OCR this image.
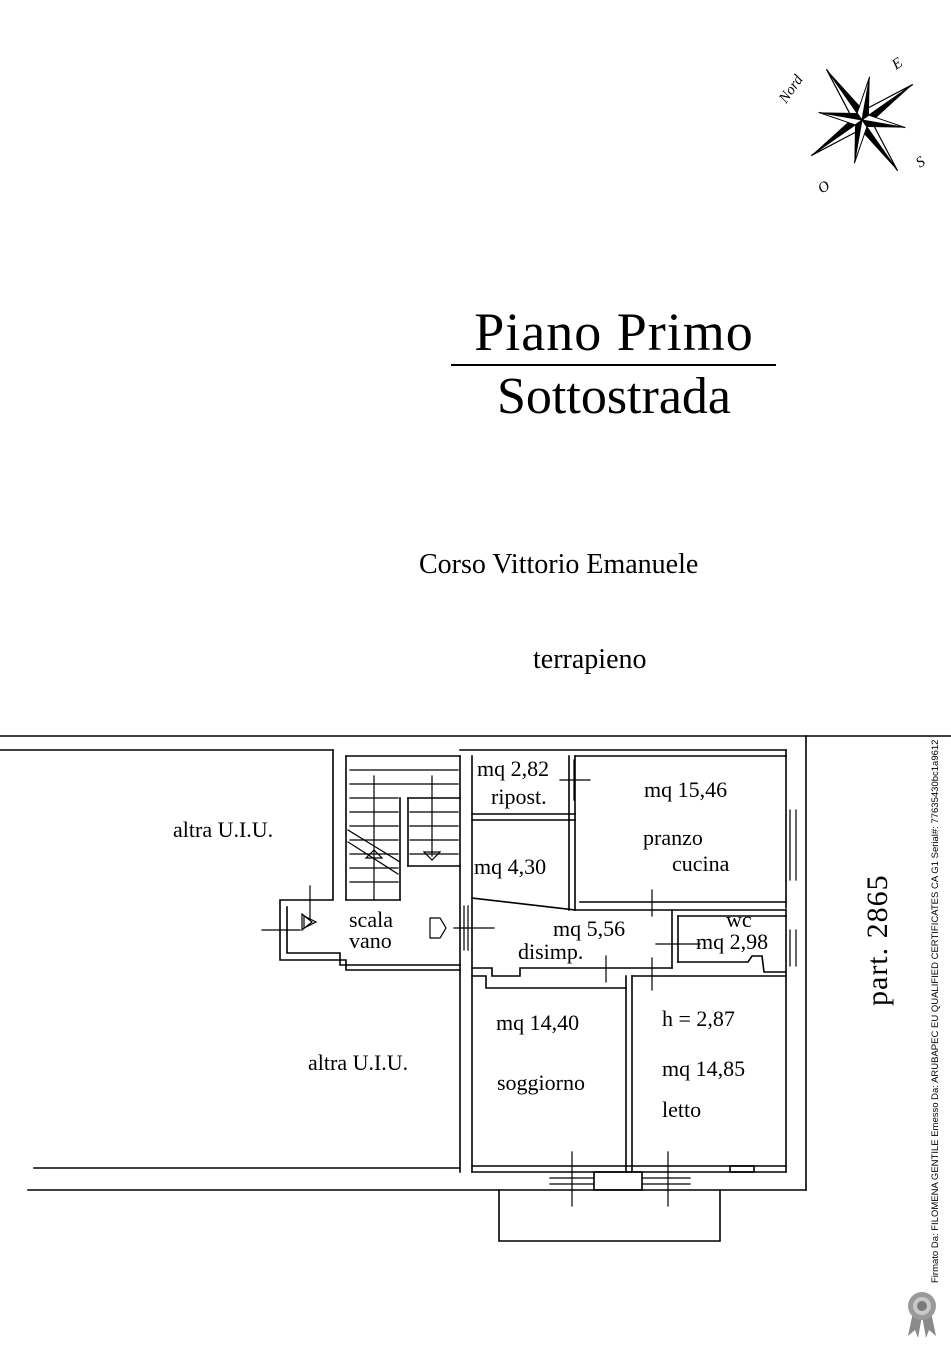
Nord
E
S
O
Piano Primo
Sottostrada
Corso Vittorio Emanuele
terrapieno
altra U.I.U.
altra U.I.U.
mq 2,82
ripost.	mq 15,46
pranzo
cucina
mq 4,30
scala
vano	mq 5,56
disimp.
wc
mq 2,98
mq 14,40
soggiorno
h = 2,87
mq 14,85
letto
part. 2865	Firmato Da: FILOMENA GENTILE Emesso Da: ARUBAPEC EU QUALIFIED CERTIFICATES CA G1 Serial#: 77635430bc1a9612
